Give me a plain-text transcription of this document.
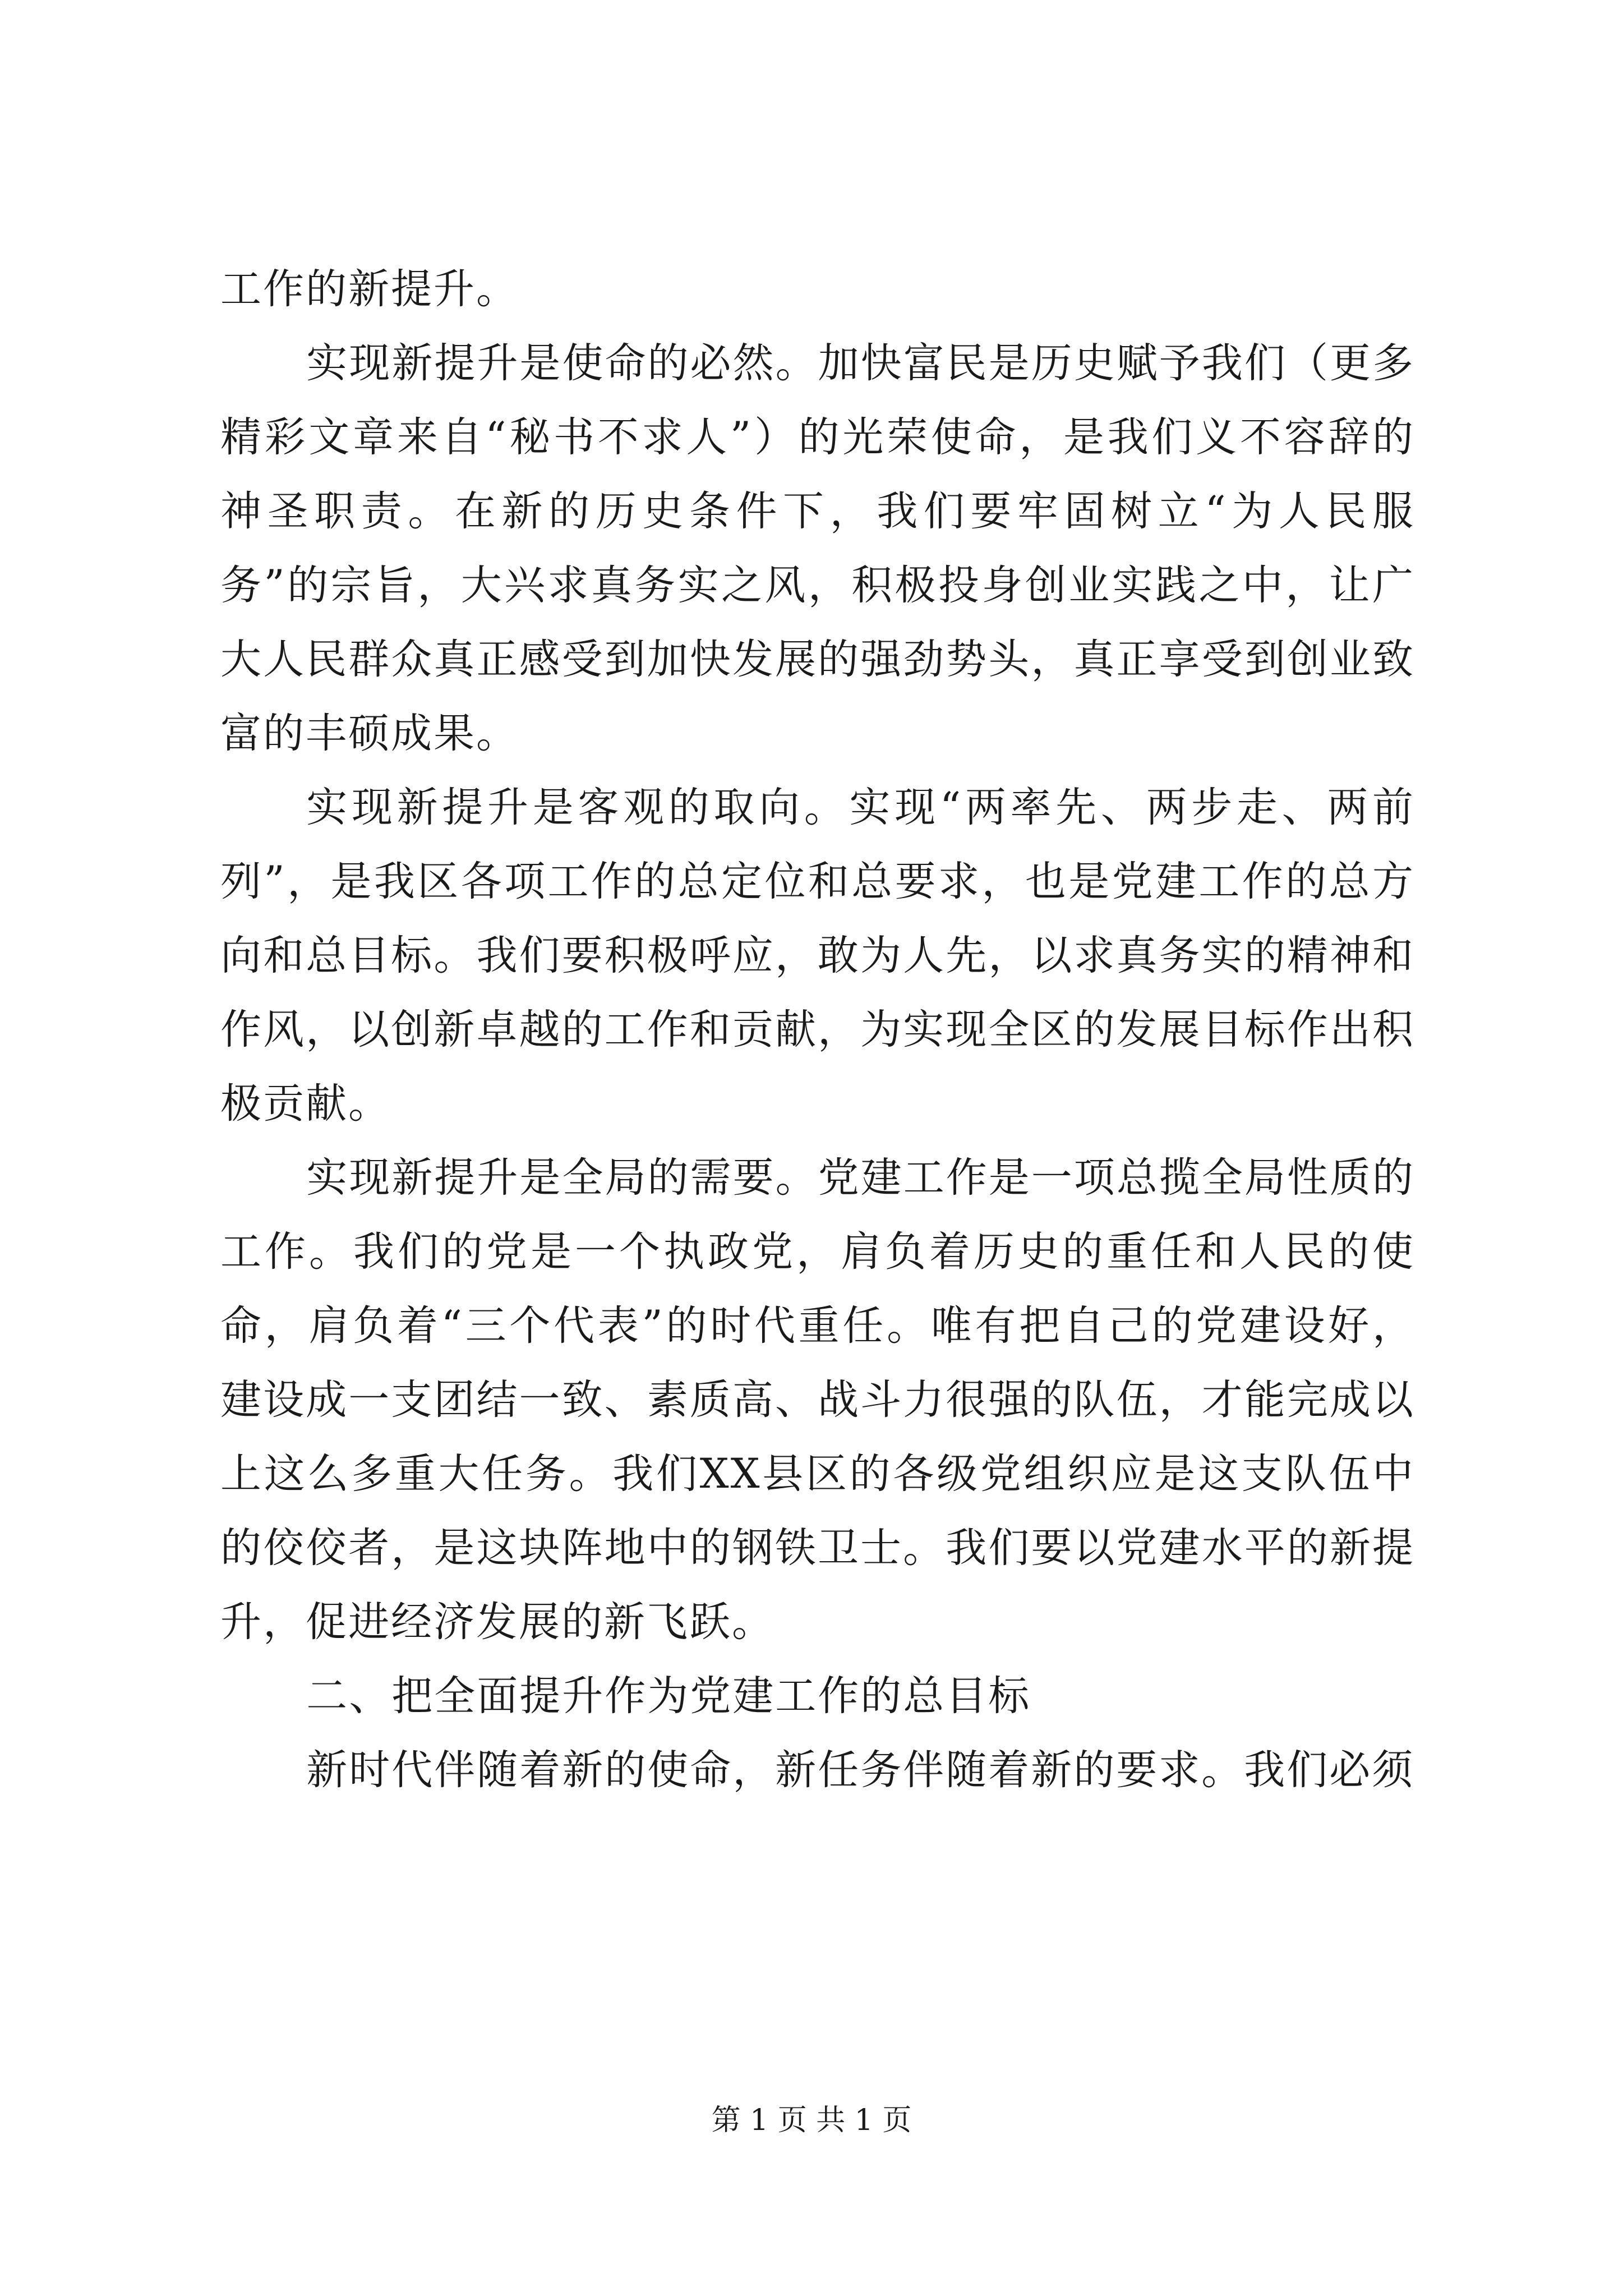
工作的新提升。

实现新提升是使命的必然。加快富民是历史赋予我们（更多精彩文章来自“秘书不求人”）的光荣使命，是我们义不容辞的神圣职责。在新的历史条件下，我们要牢固树立“为人民服务”的宗旨，大兴求真务实之风，积极投身创业实践之中，让广大人民群众真正感受到加快发展的强劲势头，真正享受到创业致富的丰硕成果。

实现新提升是客观的取向。实现“两率先、两步走、两前列”，是我区各项工作的总定位和总要求，也是党建工作的总方向和总目标。我们要积极呼应，敢为人先，以求真务实的精神和作风，以创新卓越的工作和贡献，为实现全区的发展目标作出积极贡献。

实现新提升是全局的需要。党建工作是一项总揽全局性质的工作。我们的党是一个执政党，肩负着历史的重任和人民的使命，肩负着“三个代表”的时代重任。唯有把自己的党建设好，建设成一支团结一致、素质高、战斗力很强的队伍，才能完成以上这么多重大任务。我们XX县区的各级党组织应是这支队伍中的佼佼者，是这块阵地中的钢铁卫士。我们要以党建水平的新提升，促进经济发展的新飞跃。

二、把全面提升作为党建工作的总目标

新时代伴随着新的使命，新任务伴随着新的要求。我们必须

第 1 页 共 1 页
